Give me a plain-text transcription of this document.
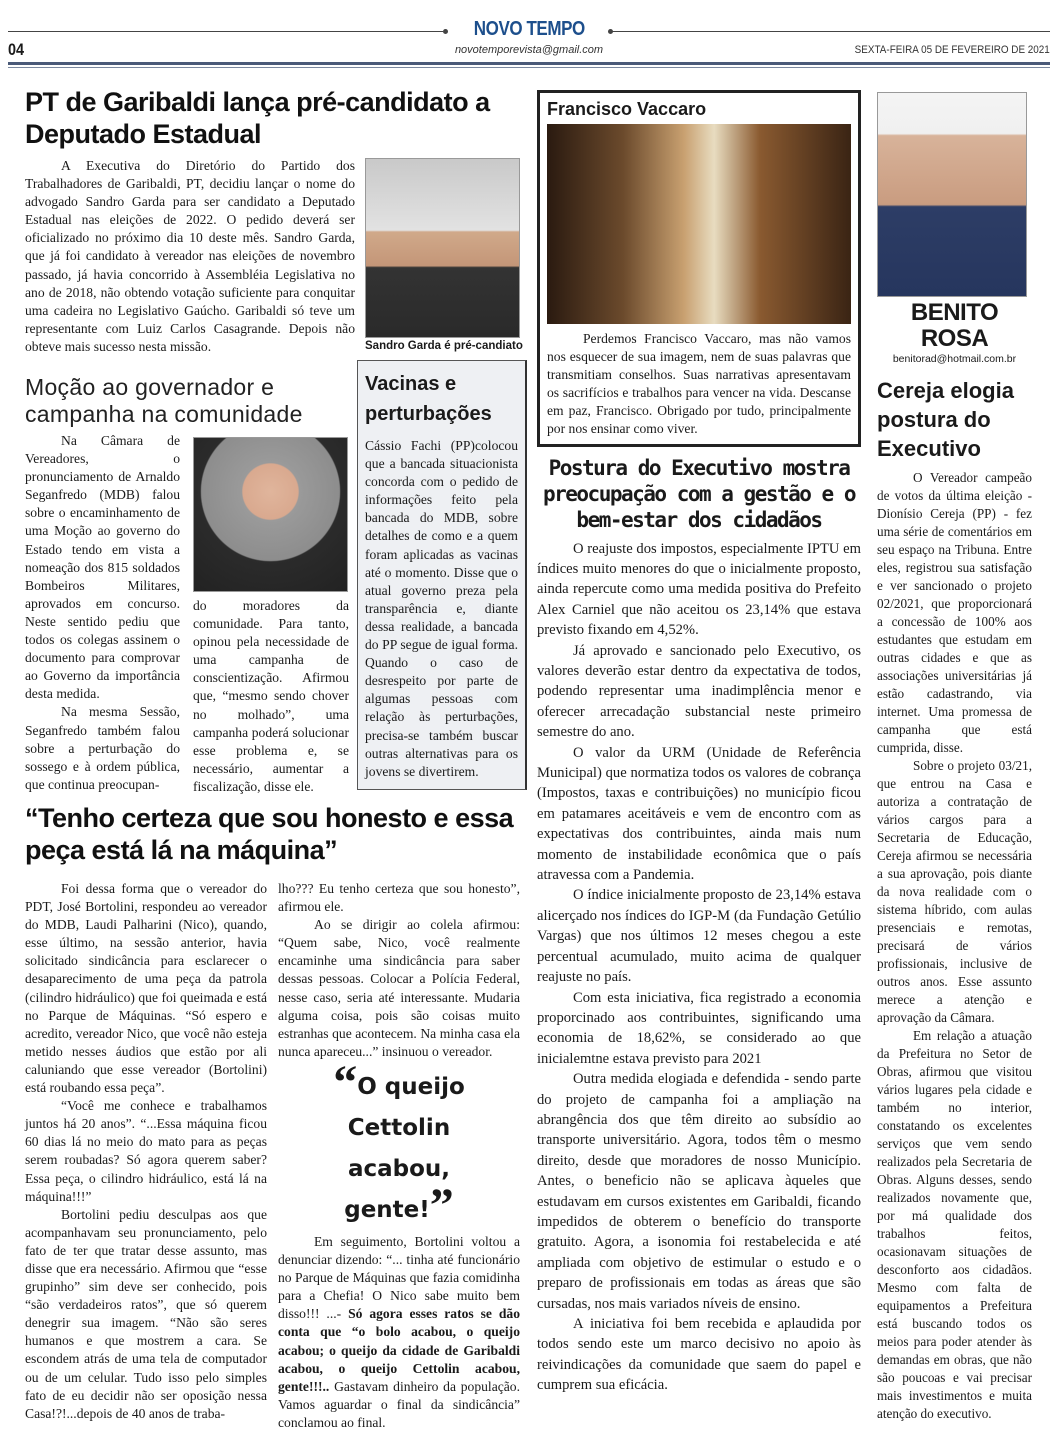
NOVO TEMPO
04	novotemporevista@gmail.com	SEXTA-FEIRA 05 DE FEVEREIRO DE 2021
PT de Garibaldi lança pré-candidato a Deputado Estadual

A Executiva do Diretório do Partido dos Trabalhadores de Garibaldi, PT, decidiu lançar o nome do advogado Sandro Garda para ser candidato a Deputado Estadual nas eleições de 2022. O pedido deverá ser oficializado no próximo dia 10 deste mês. Sandro Garda, que já foi candidato à vereador nas eleições de novembro passado, já havia concorrido à Assembléia Legislativa no ano de 2018, não obtendo votação suficiente para conquitar uma cadeira no Legislativo Gaúcho. Garibaldi só teve um representante com Luiz Carlos Casagrande. Depois não obteve mais sucesso nesta missão.	Sandro Garda é pré-candiato
Moção ao governador e campanha na comunidade

Na Câmara de Vereadores, o pronunciamento de Arnaldo Seganfredo (MDB) falou sobre o encaminhamento de uma Moção ao governo do Estado tendo em vista a nomeação dos 815 soldados Bombeiros Militares, aprovados em concurso. Neste sentido pediu que todos os colegas assinem o documento para comprovar ao Governo da importância desta medida.

Na mesma Sessão, Seganfredo também falou sobre a perturbação do sossego e à ordem pública, que continua preocupan-

do moradores da comunidade. Para tanto, opinou pela necessidade de uma campanha de conscientização. Afirmou que, “mesmo sendo chover no molhado”, uma campanha poderá solucionar esse problema e, se necessário, aumentar a fiscalização, disse ele.

Vacinas e perturbações

Cássio Fachi (PP)colocou que a bancada situacionista concorda com o pedido de informações feito pela bancada do MDB, sobre detalhes de como e a quem foram aplicadas as vacinas até o momento. Disse que o atual governo preza pela transparência e, diante dessa realidade, a bancada do PP segue de igual forma. Quando o caso de desrespeito por parte de algumas pessoas com relação às perturbações, precisa-se também buscar outras alternativas para os jovens se divertirem.

“Tenho certeza que sou honesto e essa peça está lá na máquina”

Foi dessa forma que o vereador do PDT, José Bortolini, respondeu ao vereador do MDB, Laudi Palharini (Nico), quando, esse último, na sessão anterior, havia solicitado sindicância para esclarecer o desaparecimento de uma peça da patrola (cilindro hidráulico) que foi queimada e está no Parque de Máquinas. “Só espero e acredito, vereador Nico, que você não esteja metido nesses áudios que estão por ali caluniando que esse vereador (Bortolini) está roubando essa peça”.

“Você me conhece e trabalhamos juntos há 20 anos”. “...Essa máquina ficou 60 dias lá no meio do mato para as peças serem roubadas? Só agora querem saber? Essa peça, o cilindro hidráulico, está lá na máquina!!!”

Bortolini pediu desculpas aos que acompanhavam seu pronunciamento, pelo fato de ter que tratar desse assunto, mas disse que era necessário. Afirmou que “esse grupinho” sim deve ser conhecido, pois “são verdadeiros ratos”, que só querem denegrir sua imagem. “Não são seres humanos e que mostrem a cara. Se escondem atrás de uma tela de computador ou de um celular. Tudo isso pelo simples fato de eu decidir não ser oposição nessa Casa!?!...depois de 40 anos de traba-

lho??? Eu tenho certeza que sou honesto”, afirmou ele.

Ao se dirigir ao colela afirmou: “Quem sabe, Nico, você realmente encaminhe uma sindicância para saber dessas pessoas. Colocar a Polícia Federal, nesse caso, seria até interessante. Mudaria alguma coisa, pois são coisas muito estranhas que acontecem. Na minha casa ela nunca apareceu...” insinuou o vereador.

“O queijo Cettolin acabou, gente!”

Em seguimento, Bortolini voltou a denunciar dizendo: “... tinha até funcionário no Parque de Máquinas que fazia comidinha para a Chefia! O Nico sabe muito bem disso!!! ...- Só agora esses ratos se dão conta que “o bolo acabou, o queijo acabou; o queijo da cidade de Garibaldi acabou, o queijo Cettolin acabou, gente!!!.. Gastavam dinheiro da população. Vamos aguardar o final da sindicância” conclamou ao final.

Francisco Vaccaro

Perdemos Francisco Vaccaro, mas não vamos nos esquecer de sua imagem, nem de suas palavras que transmitiam conselhos. Suas narrativas apresentavam os sacrifícios e trabalhos para vencer na vida. Descanse em paz, Francisco. Obrigado por tudo, principalmente por nos ensinar como viver.

Postura do Executivo mostra preocupação com a gestão e o bem-estar dos cidadãos

O reajuste dos impostos, especialmente IPTU em índices muito menores do que o inicialmente proposto, ainda repercute como uma medida positiva do Prefeito Alex Carniel que não aceitou os 23,14% que estava previsto fixando em 4,52%.

Já aprovado e sancionado pelo Executivo, os valores deverão estar dentro da expectativa de todos, podendo representar uma inadimplência menor e oferecer arrecadação substancial neste primeiro semestre do ano.

O valor da URM (Unidade de Referência Municipal) que normatiza todos os valores de cobrança (Impostos, taxas e contribuições) no município ficou em patamares aceitáveis e vem de encontro com as expectativas dos contribuintes, ainda mais num momento de instabilidade econômica que o país atravessa com a Pandemia.

O índice inicialmente proposto de 23,14% estava alicerçado nos índices do IGP-M (da Fundação Getúlio Vargas) que nos últimos 12 meses chegou a este percentual acumulado, muito acima de qualquer reajuste no país.

Com esta iniciativa, fica registrado a economia proporcinado aos contribuintes, significando uma economia de 18,62%, se considerado ao que inicialemtne estava previsto para 2021

Outra medida elogiada e defendida - sendo parte do projeto de campanha foi a ampliação na abrangência dos que têm direito ao subsídio ao transporte universitário. Agora, todos têm o mesmo direito, desde que moradores de nosso Município. Antes, o beneficio não se aplicava àqueles que estudavam em cursos existentes em Garibaldi, ficando impedidos de obterem o benefício do transporte gratuito. Agora, a isonomia foi restabelecida e até ampliada com objetivo de estimular o estudo e o preparo de profissionais em todas as áreas que são cursadas, nos mais variados níveis de ensino.

A iniciativa foi bem recebida e aplaudida por todos sendo este um marco decisivo no apoio às reivindicações da comunidade que saem do papel e cumprem sua eficácia.

BENITO ROSA
benitorad@hotmail.com.br
Cereja elogia postura do Executivo

O Vereador campeão de votos da última eleição - Dionísio Cereja (PP) - fez uma série de comentários em seu espaço na Tribuna. Entre eles, registrou sua satisfação e ver sancionado o projeto 02/2021, que proporcionará a concessão de 100% aos estudantes que estudam em outras cidades e que as associações universitárias já estão cadastrando, via internet. Uma promessa de campanha que está cumprida, disse.

Sobre o projeto 03/21, que entrou na Casa e autoriza a contratação de vários cargos para a Secretaria de Educação, Cereja afirmou se necessária a sua aprovação, pois diante da nova realidade com o sistema híbrido, com aulas presenciais e remotas, precisará de vários profissionais, inclusive de outros anos. Esse assunto merece a atenção e aprovação da Câmara.

Em relação a atuação da Prefeitura no Setor de Obras, afirmou que visitou vários lugares pela cidade e também no interior, constatando os excelentes serviços que vem sendo realizados pela Secretaria de Obras. Alguns desses, sendo realizados novamente que, por má qualidade dos trabalhos feitos, ocasionavam situações de desconforto aos cidadãos. Mesmo com falta de equipamentos a Prefeitura está buscando todos os meios para poder atender às demandas em obras, que não são poucoas e vai precisar mais investimentos e muita atenção do executivo.
